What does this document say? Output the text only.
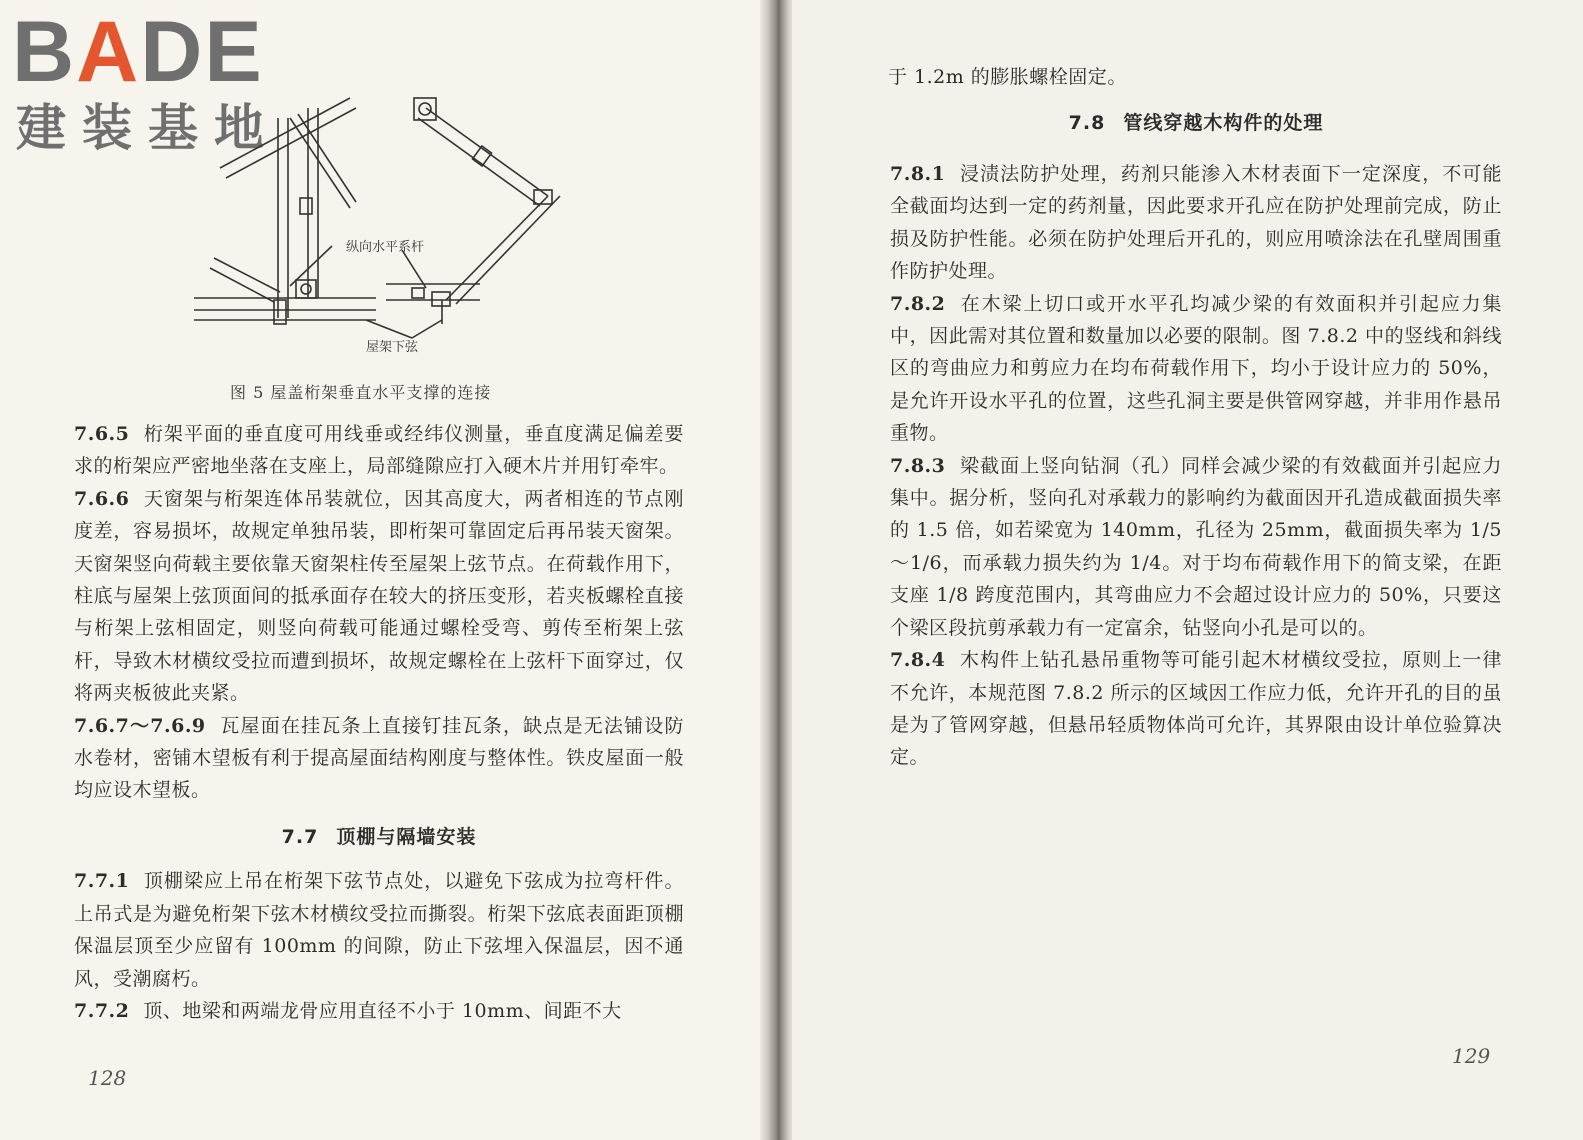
BADE
建装基地
纵向水平系杆
屋架下弦
图 5 屋盖桁架垂直水平支撑的连接

7.6.5 桁架平面的垂直度可用线垂或经纬仪测量，垂直度满足偏差要求的桁架应严密地坐落在支座上，局部缝隙应打入硬木片并用钉牵牢。

7.6.6 天窗架与桁架连体吊装就位，因其高度大，两者相连的节点刚度差，容易损坏，故规定单独吊装，即桁架可靠固定后再吊装天窗架。天窗架竖向荷载主要依靠天窗架柱传至屋架上弦节点。在荷载作用下，柱底与屋架上弦顶面间的抵承面存在较大的挤压变形，若夹板螺栓直接与桁架上弦相固定，则竖向荷载可能通过螺栓受弯、剪传至桁架上弦杆，导致木材横纹受拉而遭到损坏，故规定螺栓在上弦杆下面穿过，仅将两夹板彼此夹紧。

7.6.7～7.6.9 瓦屋面在挂瓦条上直接钉挂瓦条，缺点是无法铺设防水卷材，密铺木望板有利于提高屋面结构刚度与整体性。铁皮屋面一般均应设木望板。

7.7 顶棚与隔墙安装

7.7.1 顶棚梁应上吊在桁架下弦节点处，以避免下弦成为拉弯杆件。上吊式是为避免桁架下弦木材横纹受拉而撕裂。桁架下弦底表面距顶棚保温层顶至少应留有 100mm 的间隙，防止下弦埋入保温层，因不通风，受潮腐朽。

7.7.2 顶、地梁和两端龙骨应用直径不小于 10mm、间距不大

128
于 1.2m 的膨胀螺栓固定。
7.8 管线穿越木构件的处理

7.8.1 浸渍法防护处理，药剂只能渗入木材表面下一定深度，不可能全截面均达到一定的药剂量，因此要求开孔应在防护处理前完成，防止损及防护性能。必须在防护处理后开孔的，则应用喷涂法在孔壁周围重作防护处理。

7.8.2 在木梁上切口或开水平孔均减少梁的有效面积并引起应力集中，因此需对其位置和数量加以必要的限制。图 7.8.2 中的竖线和斜线区的弯曲应力和剪应力在均布荷载作用下，均小于设计应力的 50%，是允许开设水平孔的位置，这些孔洞主要是供管网穿越，并非用作悬吊重物。

7.8.3 梁截面上竖向钻洞（孔）同样会减少梁的有效截面并引起应力集中。据分析，竖向孔对承载力的影响约为截面因开孔造成截面损失率的 1.5 倍，如若梁宽为 140mm，孔径为 25mm，截面损失率为 1/5～1/6，而承载力损失约为 1/4。对于均布荷载作用下的简支梁，在距支座 1/8 跨度范围内，其弯曲应力不会超过设计应力的 50%，只要这个梁区段抗剪承载力有一定富余，钻竖向小孔是可以的。

7.8.4 木构件上钻孔悬吊重物等可能引起木材横纹受拉，原则上一律不允许，本规范图 7.8.2 所示的区域因工作应力低，允许开孔的目的虽是为了管网穿越，但悬吊轻质物体尚可允许，其界限由设计单位验算决定。

129
